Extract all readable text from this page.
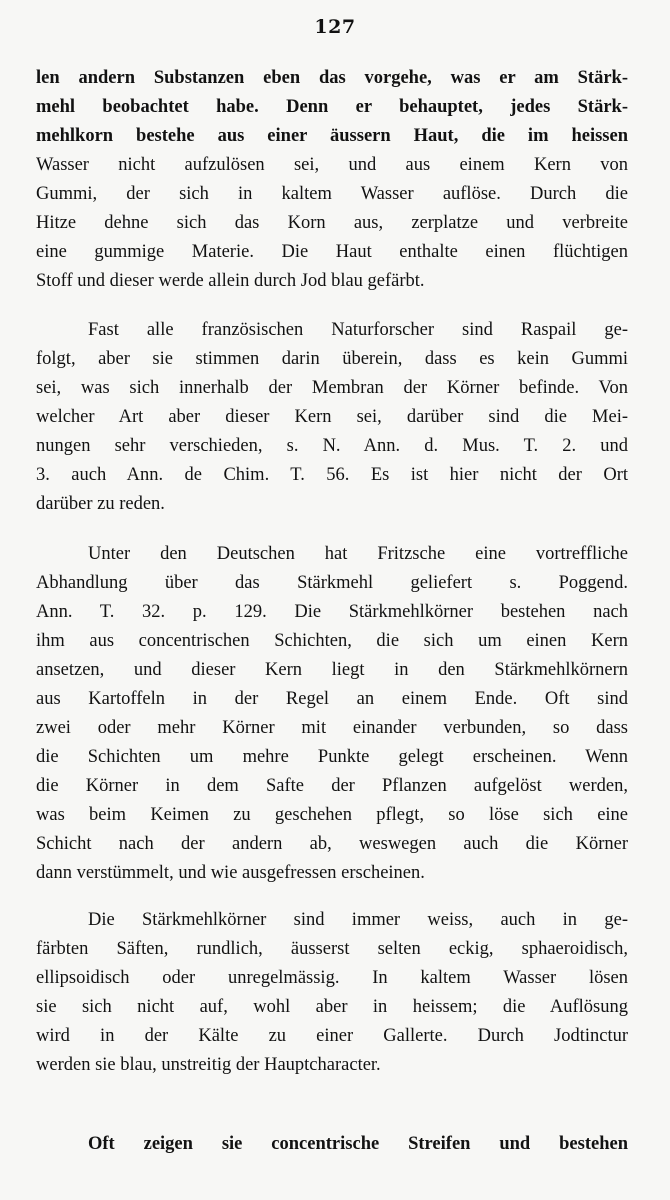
127
len andern Substanzen eben das vorgehe, was er am Stärk-
mehl beobachtet habe. Denn er behauptet, jedes Stärk-
mehlkorn bestehe aus einer äussern Haut, die im heissen
Wasser nicht aufzulösen sei, und aus einem Kern von
Gummi, der sich in kaltem Wasser auflöse. Durch die
Hitze dehne sich das Korn aus, zerplatze und verbreite
eine gummige Materie. Die Haut enthalte einen flüchtigen
Stoff und dieser werde allein durch Jod blau gefärbt.
Fast alle französischen Naturforscher sind Raspail ge-
folgt, aber sie stimmen darin überein, dass es kein Gummi
sei, was sich innerhalb der Membran der Körner befinde. Von
welcher Art aber dieser Kern sei, darüber sind die Mei-
nungen sehr verschieden, s. N. Ann. d. Mus. T. 2. und
3. auch Ann. de Chim. T. 56. Es ist hier nicht der Ort
darüber zu reden.
Unter den Deutschen hat Fritzsche eine vortreffliche
Abhandlung über das Stärkmehl geliefert s. Poggend.
Ann. T. 32. p. 129. Die Stärkmehlkörner bestehen nach
ihm aus concentrischen Schichten, die sich um einen Kern
ansetzen, und dieser Kern liegt in den Stärkmehlkörnern
aus Kartoffeln in der Regel an einem Ende. Oft sind
zwei oder mehr Körner mit einander verbunden, so dass
die Schichten um mehre Punkte gelegt erscheinen. Wenn
die Körner in dem Safte der Pflanzen aufgelöst werden,
was beim Keimen zu geschehen pflegt, so löse sich eine
Schicht nach der andern ab, weswegen auch die Körner
dann verstümmelt, und wie ausgefressen erscheinen.
Die Stärkmehlkörner sind immer weiss, auch in ge-
färbten Säften, rundlich, äusserst selten eckig, sphaeroidisch,
ellipsoidisch oder unregelmässig. In kaltem Wasser lösen
sie sich nicht auf, wohl aber in heissem; die Auflösung
wird in der Kälte zu einer Gallerte. Durch Jodtinctur
werden sie blau, unstreitig der Hauptcharacter.
Oft zeigen sie concentrische Streifen und bestehen
